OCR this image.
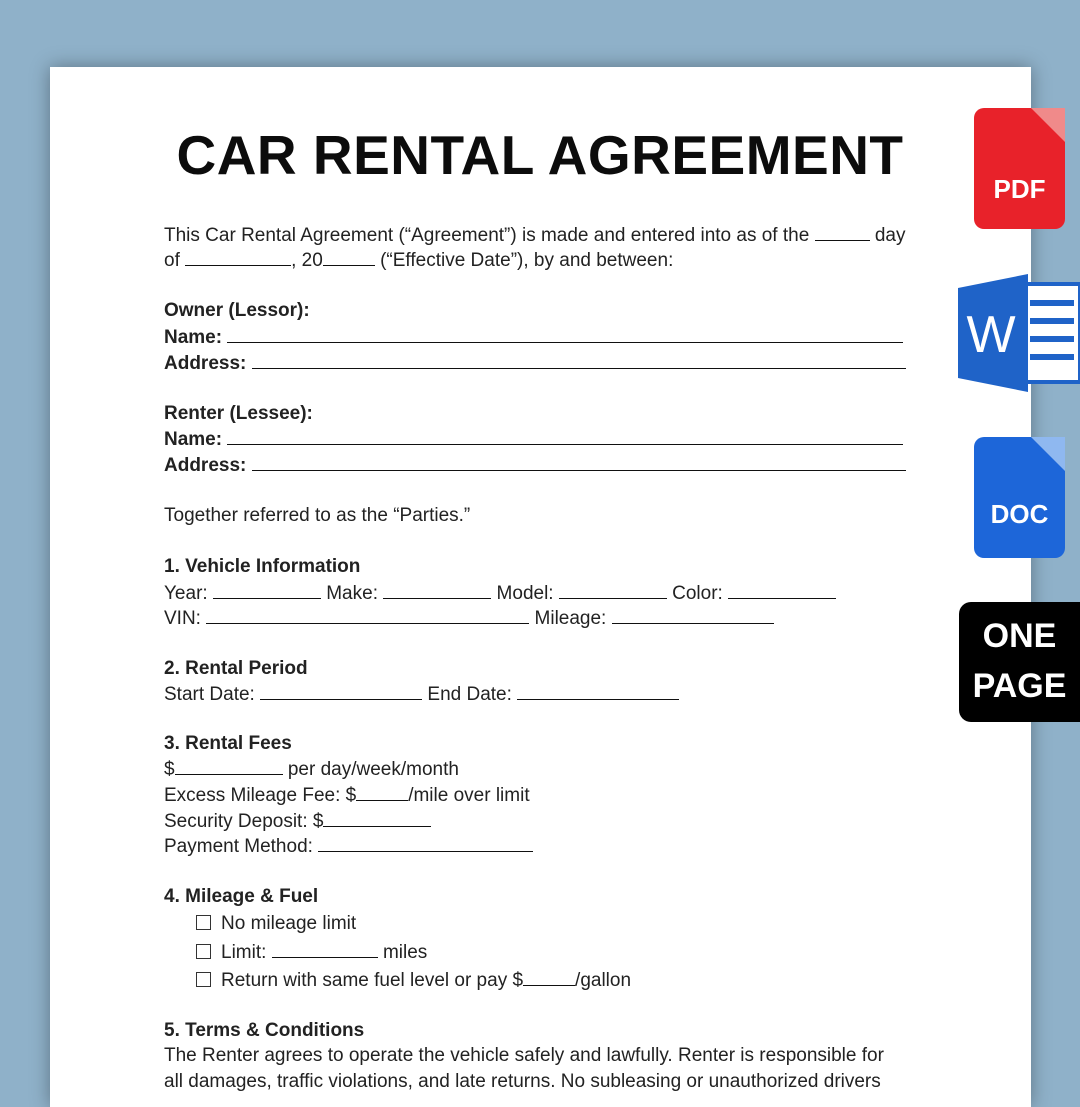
CAR RENTAL AGREEMENT
This Car Rental Agreement (“Agreement”) is made and entered into as of the	day
of	, 20	(“Effective Date”), by and between:
Owner (Lessor):
Name:
Address:
Renter (Lessee):
Name:
Address:
Together referred to as the “Parties.”
1. Vehicle Information
Year:	Make:	Model:	Color:
VIN:	Mileage:
2. Rental Period
Start Date:	End Date:
3. Rental Fees
$	per day/week/month
Excess Mileage Fee: $	/mile over limit
Security Deposit: $
Payment Method:
4. Mileage & Fuel
No mileage limit
Limit:	miles
Return with same fuel level or pay $	/gallon
5. Terms & Conditions
The Renter agrees to operate the vehicle safely and lawfully. Renter is responsible for
all damages, traffic violations, and late returns. No subleasing or unauthorized drivers
PDF
W
DOC
ONE
PAGE
